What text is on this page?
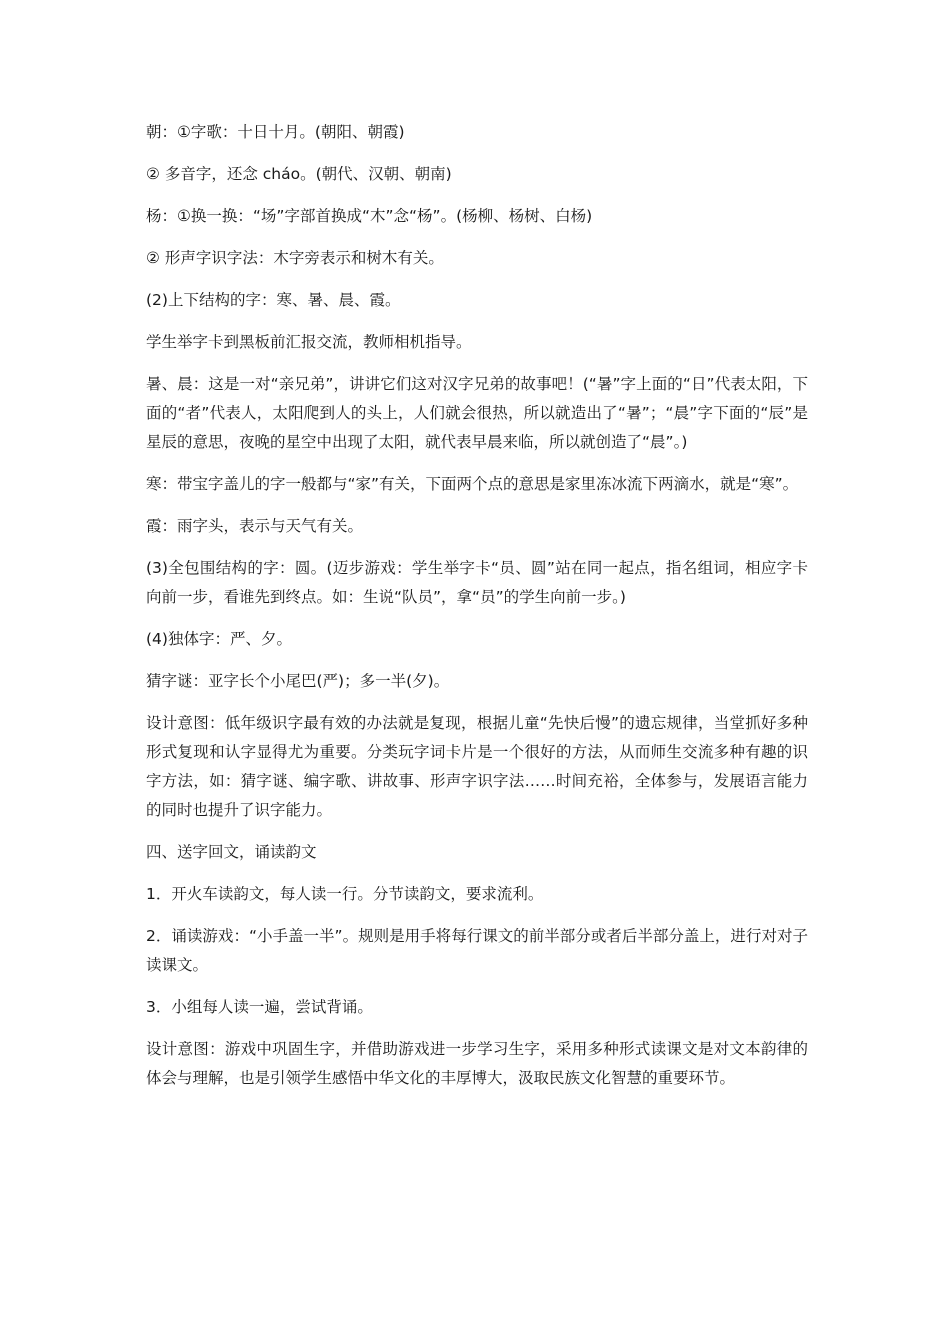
朝：①字歌：十日十月。(朝阳、朝霞)

② 多音字，还念 cháo。(朝代、汉朝、朝南)

杨：①换一换：“场”字部首换成“木”念“杨”。(杨柳、杨树、白杨)

② 形声字识字法：木字旁表示和树木有关。

(2)上下结构的字：寒、暑、晨、霞。

学生举字卡到黑板前汇报交流，教师相机指导。

暑、晨：这是一对“亲兄弟”，讲讲它们这对汉字兄弟的故事吧！(“暑”字上面的“日”代表太阳，下面的“者”代表人，太阳爬到人的头上，人们就会很热，所以就造出了“暑”；“晨”字下面的“辰”是星辰的意思，夜晚的星空中出现了太阳，就代表早晨来临，所以就创造了“晨”。)

寒：带宝字盖儿的字一般都与“家”有关，下面两个点的意思是家里冻冰流下两滴水，就是“寒”。

霞：雨字头，表示与天气有关。

(3)全包围结构的字：圆。(迈步游戏：学生举字卡“员、圆”站在同一起点，指名组词，相应字卡向前一步，看谁先到终点。如：生说“队员”，拿“员”的学生向前一步。)

(4)独体字：严、夕。

猜字谜：亚字长个小尾巴(严)；多一半(夕)。

设计意图：低年级识字最有效的办法就是复现，根据儿童“先快后慢”的遗忘规律，当堂抓好多种形式复现和认字显得尤为重要。分类玩字词卡片是一个很好的方法，从而师生交流多种有趣的识字方法，如：猜字谜、编字歌、讲故事、形声字识字法……时间充裕，全体参与，发展语言能力的同时也提升了识字能力。

四、送字回文，诵读韵文

1．开火车读韵文，每人读一行。分节读韵文，要求流利。

2．诵读游戏：“小手盖一半”。规则是用手将每行课文的前半部分或者后半部分盖上，进行对对子读课文。

3．小组每人读一遍，尝试背诵。

设计意图：游戏中巩固生字，并借助游戏进一步学习生字，采用多种形式读课文是对文本韵律的体会与理解，也是引领学生感悟中华文化的丰厚博大，汲取民族文化智慧的重要环节。
